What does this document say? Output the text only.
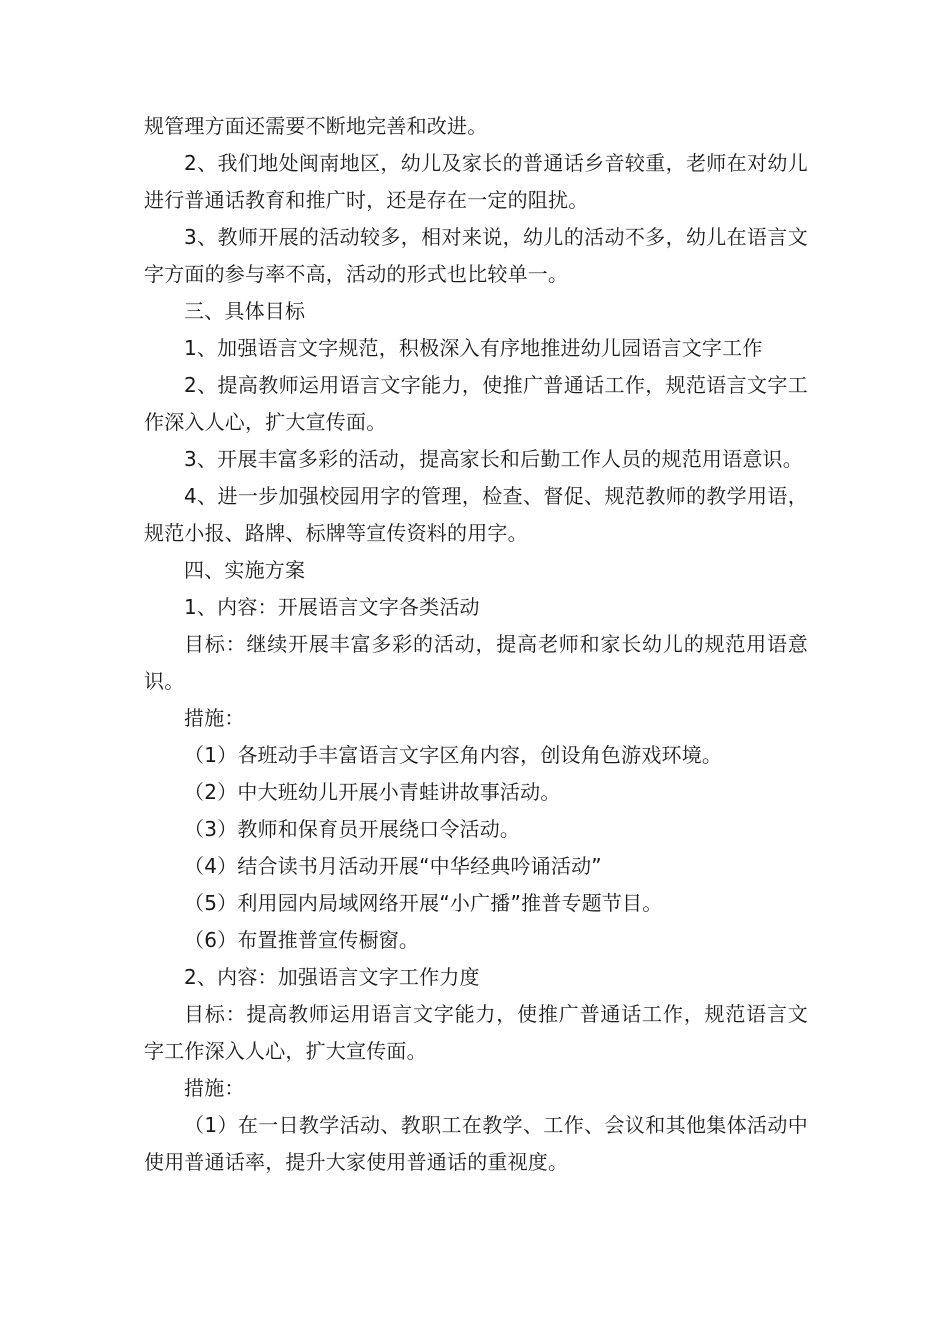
规管理方面还需要不断地完善和改进。

2、我们地处闽南地区，幼儿及家长的普通话乡音较重，老师在对幼儿进行普通话教育和推广时，还是存在一定的阻扰。

3、教师开展的活动较多，相对来说，幼儿的活动不多，幼儿在语言文字方面的参与率不高，活动的形式也比较单一。

三、具体目标

1、加强语言文字规范，积极深入有序地推进幼儿园语言文字工作

2、提高教师运用语言文字能力，使推广普通话工作，规范语言文字工作深入人心，扩大宣传面。

3、开展丰富多彩的活动，提高家长和后勤工作人员的规范用语意识。

4、进一步加强校园用字的管理，检查、督促、规范教师的教学用语，规范小报、路牌、标牌等宣传资料的用字。

四、实施方案

1、内容：开展语言文字各类活动

目标：继续开展丰富多彩的活动，提高老师和家长幼儿的规范用语意识。

措施：

（1）各班动手丰富语言文字区角内容，创设角色游戏环境。

（2）中大班幼儿开展小青蛙讲故事活动。

（3）教师和保育员开展绕口令活动。

（4）结合读书月活动开展“中华经典吟诵活动”

（5）利用园内局域网络开展“小广播”推普专题节目。

（6）布置推普宣传橱窗。

2、内容：加强语言文字工作力度

目标：提高教师运用语言文字能力，使推广普通话工作，规范语言文字工作深入人心，扩大宣传面。

措施：

（1）在一日教学活动、教职工在教学、工作、会议和其他集体活动中使用普通话率，提升大家使用普通话的重视度。
